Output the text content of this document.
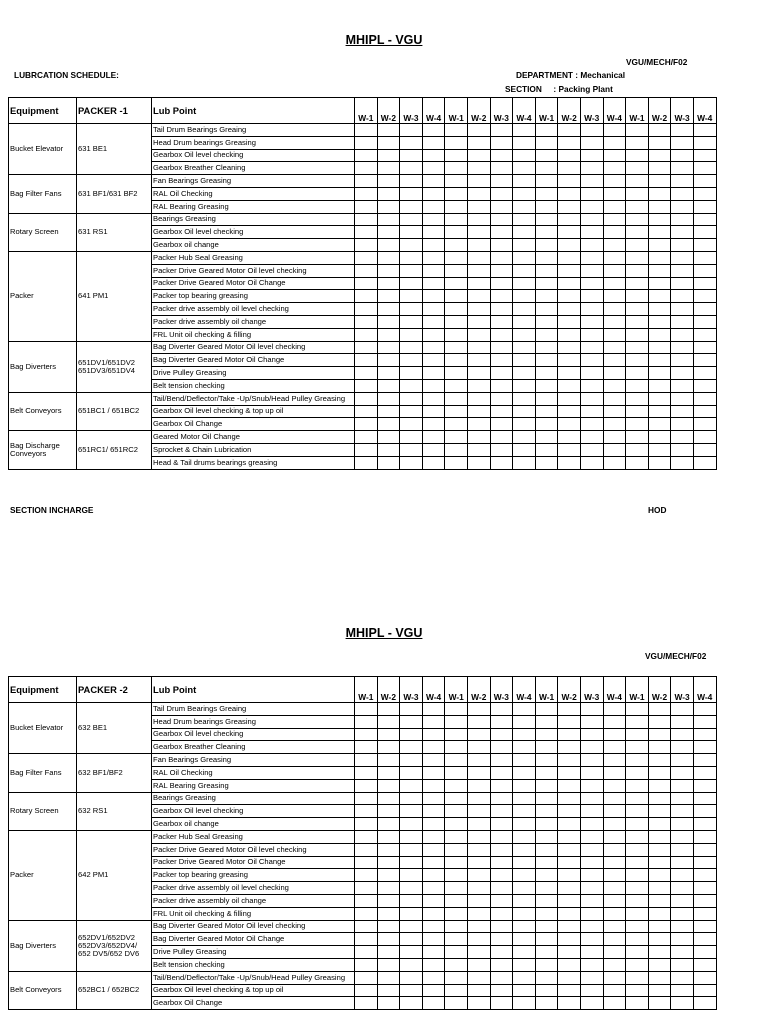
MHIPL - VGU
VGU/MECH/F02
LUBRCATION SCHEDULE:	DEPARTMENT : Mechanical
SECTION     : Packing Plant
Equipment	PACKER -1	Lub Point	W-1	W-2	W-3	W-4	W-1	W-2	W-3	W-4	W-1	W-2	W-3	W-4	W-1	W-2	W-3	W-4
Bucket Elevator	631 BE1	Tail Drum Bearings Greaing																
		Head Drum bearings Greasing																
		Gearbox Oil level checking																
		Gearbox Breather Cleaning																
Bag Filter Fans	631 BF1/631 BF2	Fan Bearings Greasing																
		RAL Oil Checking																
		RAL Bearing Greasing																
Rotary Screen	631 RS1	Bearings Greasing																
		Gearbox Oil level checking																
		Gearbox oil change																
Packer	641 PM1	Packer Hub Seal Greasing																
		Packer Drive Geared Motor Oil level checking																
		Packer Drive Geared Motor Oil Change																
		Packer top bearing greasing																
		Packer drive assembly oil level checking																
		Packer drive assembly oil change																
		FRL Unit oil checking & filling																
Bag Diverters	651DV1/651DV2 651DV3/651DV4	Bag Diverter Geared Motor Oil level checking																
		Bag Diverter Geared Motor Oil Change																
		Drive Pulley Greasing																
		Belt tension checking																
Belt Conveyors	651BC1 / 651BC2	Tail/Bend/Deflector/Take -Up/Snub/Head Pulley Greasing																
		Gearbox Oil level checking & top up oil																
		Gearbox Oil Change																
Bag Discharge Conveyors	651RC1/ 651RC2	Geared Motor Oil Change																
		Sprocket & Chain Lubrication																
		Head & Tail drums bearings greasing																
SECTION INCHARGE	HOD
MHIPL - VGU
VGU/MECH/F02
Equipment	PACKER -2	Lub Point	W-1	W-2	W-3	W-4	W-1	W-2	W-3	W-4	W-1	W-2	W-3	W-4	W-1	W-2	W-3	W-4
Bucket Elevator	632 BE1	Tail Drum Bearings Greaing																
		Head Drum bearings Greasing																
		Gearbox Oil level checking																
		Gearbox Breather Cleaning																
Bag Filter Fans	632 BF1/BF2	Fan Bearings Greasing																
		RAL Oil Checking																
		RAL Bearing Greasing																
Rotary Screen	632 RS1	Bearings Greasing																
		Gearbox Oil level checking																
		Gearbox oil change																
Packer	642 PM1	Packer Hub Seal Greasing																
		Packer Drive Geared Motor Oil level checking																
		Packer Drive Geared Motor Oil Change																
		Packer top bearing greasing																
		Packer drive assembly oil level checking																
		Packer drive assembly oil change																
		FRL Unit oil checking & filling																
Bag Diverters	652DV1/652DV2 652DV3/652DV4/ 652 DV5/652 DV6	Bag Diverter Geared Motor Oil level checking																
		Bag Diverter Geared Motor Oil Change																
		Drive Pulley Greasing																
		Belt tension checking																
Belt Conveyors	652BC1 / 652BC2	Tail/Bend/Deflector/Take -Up/Snub/Head Pulley Greasing																
		Gearbox Oil level checking & top up oil																
		Gearbox Oil Change																
